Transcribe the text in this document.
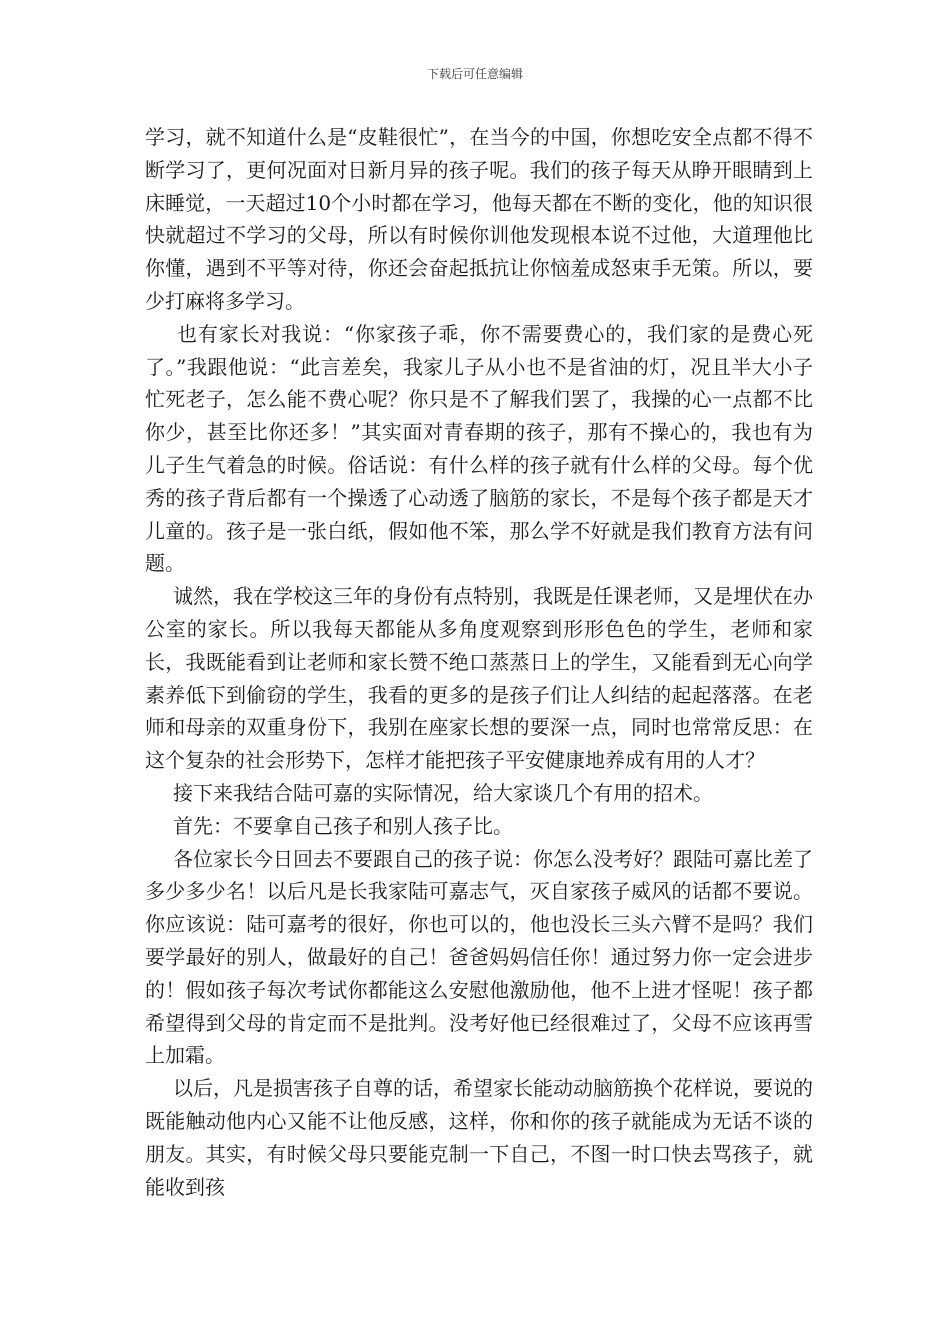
下载后可任意编辑

学习，就不知道什么是“皮鞋很忙”，在当今的中国，你想吃安全点都不得不断学习了，更何况面对日新月异的孩子呢。我们的孩子每天从睁开眼睛到上床睡觉，一天超过10个小时都在学习，他每天都在不断的变化，他的知识很快就超过不学习的父母，所以有时候你训他发现根本说不过他，大道理他比你懂，遇到不平等对待，你还会奋起抵抗让你恼羞成怒束手无策。所以，要少打麻将多学习。

也有家长对我说：“你家孩子乖，你不需要费心的，我们家的是费心死了。”我跟他说：“此言差矣，我家儿子从小也不是省油的灯，况且半大小子忙死老子，怎么能不费心呢？你只是不了解我们罢了，我操的心一点都不比你少，甚至比你还多！”其实面对青春期的孩子，那有不操心的，我也有为儿子生气着急的时候。俗话说：有什么样的孩子就有什么样的父母。每个优秀的孩子背后都有一个操透了心动透了脑筋的家长，不是每个孩子都是天才儿童的。孩子是一张白纸，假如他不笨，那么学不好就是我们教育方法有问题。

诚然，我在学校这三年的身份有点特别，我既是任课老师，又是埋伏在办公室的家长。所以我每天都能从多角度观察到形形色色的学生，老师和家长，我既能看到让老师和家长赞不绝口蒸蒸日上的学生，又能看到无心向学素养低下到偷窃的学生，我看的更多的是孩子们让人纠结的起起落落。在老师和母亲的双重身份下，我别在座家长想的要深一点，同时也常常反思：在这个复杂的社会形势下，怎样才能把孩子平安健康地养成有用的人才？

接下来我结合陆可嘉的实际情况，给大家谈几个有用的招术。

首先：不要拿自己孩子和别人孩子比。

各位家长今日回去不要跟自己的孩子说：你怎么没考好？跟陆可嘉比差了多少多少名！以后凡是长我家陆可嘉志气，灭自家孩子威风的话都不要说。你应该说：陆可嘉考的很好，你也可以的，他也没长三头六臂不是吗？我们要学最好的别人，做最好的自己！爸爸妈妈信任你！通过努力你一定会进步的！假如孩子每次考试你都能这么安慰他激励他，他不上进才怪呢！孩子都希望得到父母的肯定而不是批判。没考好他已经很难过了，父母不应该再雪上加霜。

以后，凡是损害孩子自尊的话，希望家长能动动脑筋换个花样说，要说的既能触动他内心又能不让他反感，这样，你和你的孩子就能成为无话不谈的朋友。其实，有时候父母只要能克制一下自己，不图一时口快去骂孩子，就能收到孩
